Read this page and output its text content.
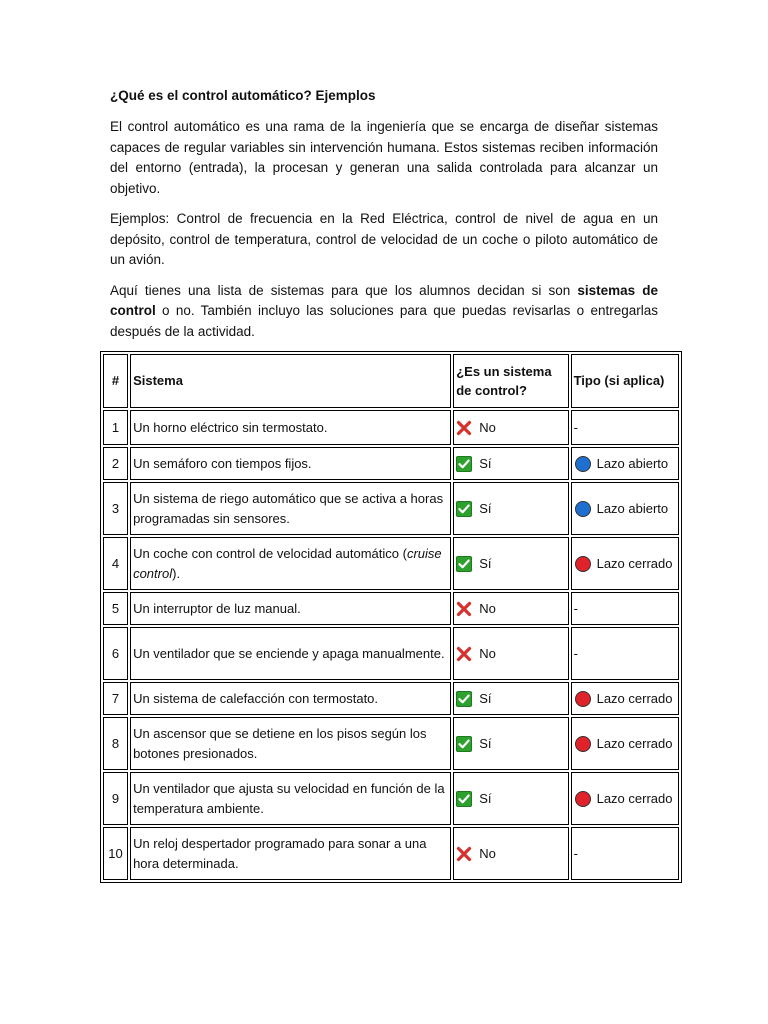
¿Qué es el control automático? Ejemplos

El control automático es una rama de la ingeniería que se encarga de diseñar sistemas capaces de regular variables sin intervención humana. Estos sistemas reciben información del entorno (entrada), la procesan y generan una salida controlada para alcanzar un objetivo.

Ejemplos: Control de frecuencia en la Red Eléctrica, control de nivel de agua en un depósito, control de temperatura, control de velocidad de un coche o piloto automático de un avión.

Aquí tienes una lista de sistemas para que los alumnos decidan si son sistemas de control o no. También incluyo las soluciones para que puedas revisarlas o entregarlas después de la actividad.

#	Sistema	¿Es un sistema de control?	Tipo (si aplica)
1	Un horno eléctrico sin termostato.	No	-

2	Un semáforo con tiempos fijos.	Sí	Lazo abierto

3	Un sistema de riego automático que se activa a horas programadas sin sensores.	Sí	Lazo abierto

4	Un coche con control de velocidad automático (cruise control).	Sí	Lazo cerrado

5	Un interruptor de luz manual.	No	-

6	Un ventilador que se enciende y apaga manualmente.	No	-

7	Un sistema de calefacción con termostato.	Sí	Lazo cerrado

8	Un ascensor que se detiene en los pisos según los botones presionados.	Sí	Lazo cerrado

9	Un ventilador que ajusta su velocidad en función de la temperatura ambiente.	Sí	Lazo cerrado

10	Un reloj despertador programado para sonar a una hora determinada.	No	-
